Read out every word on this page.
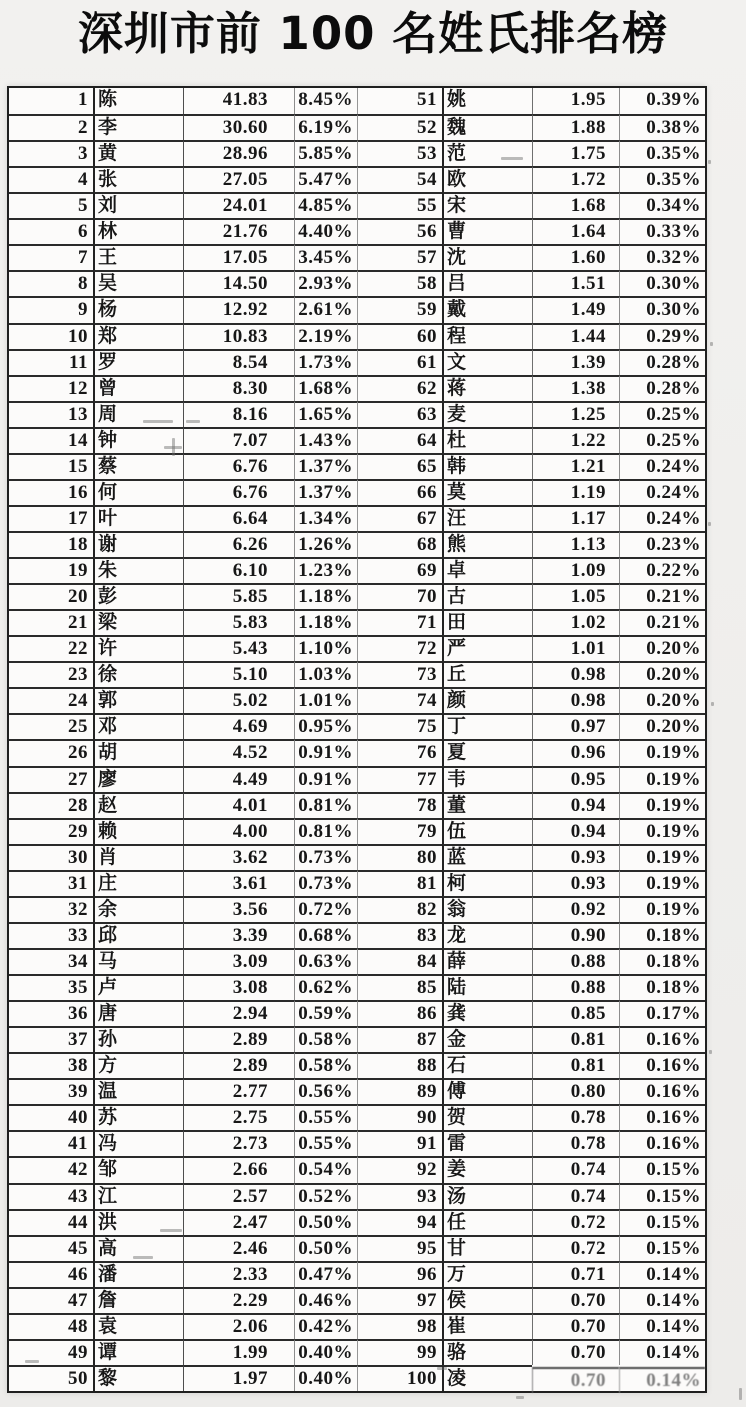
深圳市前 100 名姓氏排名榜
1 陈	41.83	8.45%	51 姚	1.95	0.39%
2 李	30.60	6.19%	52 魏	1.88	0.38%
3 黄	28.96	5.85%	53 范	1.75	0.35%
4 张	27.05	5.47%	54 欧	1.72	0.35%
5 刘	24.01	4.85%	55 宋	1.68	0.34%
6 林	21.76	4.40%	56 曹	1.64	0.33%
7 王	17.05	3.45%	57 沈	1.60	0.32%
8 吴	14.50	2.93%	58 吕	1.51	0.30%
9 杨	12.92	2.61%	59 戴	1.49	0.30%
10 郑	10.83	2.19%	60 程	1.44	0.29%
11 罗	8.54	1.73%	61 文	1.39	0.28%
12 曾	8.30	1.68%	62 蒋	1.38	0.28%
13 周	8.16	1.65%	63 麦	1.25	0.25%
14 钟	7.07	1.43%	64 杜	1.22	0.25%
15 蔡	6.76	1.37%	65 韩	1.21	0.24%
16 何	6.76	1.37%	66 莫	1.19	0.24%
17 叶	6.64	1.34%	67 汪	1.17	0.24%
18 谢	6.26	1.26%	68 熊	1.13	0.23%
19 朱	6.10	1.23%	69 卓	1.09	0.22%
20 彭	5.85	1.18%	70 古	1.05	0.21%
21 梁	5.83	1.18%	71 田	1.02	0.21%
22 许	5.43	1.10%	72 严	1.01	0.20%
23 徐	5.10	1.03%	73 丘	0.98	0.20%
24 郭	5.02	1.01%	74 颜	0.98	0.20%
25 邓	4.69	0.95%	75 丁	0.97	0.20%
26 胡	4.52	0.91%	76 夏	0.96	0.19%
27 廖	4.49	0.91%	77 韦	0.95	0.19%
28 赵	4.01	0.81%	78 董	0.94	0.19%
29 赖	4.00	0.81%	79 伍	0.94	0.19%
30 肖	3.62	0.73%	80 蓝	0.93	0.19%
31 庄	3.61	0.73%	81 柯	0.93	0.19%
32 余	3.56	0.72%	82 翁	0.92	0.19%
33 邱	3.39	0.68%	83 龙	0.90	0.18%
34 马	3.09	0.63%	84 薛	0.88	0.18%
35 卢	3.08	0.62%	85 陆	0.88	0.18%
36 唐	2.94	0.59%	86 龚	0.85	0.17%
37 孙	2.89	0.58%	87 金	0.81	0.16%
38 方	2.89	0.58%	88 石	0.81	0.16%
39 温	2.77	0.56%	89 傅	0.80	0.16%
40 苏	2.75	0.55%	90 贺	0.78	0.16%
41 冯	2.73	0.55%	91 雷	0.78	0.16%
42 邹	2.66	0.54%	92 姜	0.74	0.15%
43 江	2.57	0.52%	93 汤	0.74	0.15%
44 洪	2.47	0.50%	94 任	0.72	0.15%
45 高	2.46	0.50%	95 甘	0.72	0.15%
46 潘	2.33	0.47%	96 万	0.71	0.14%
47 詹	2.29	0.46%	97 侯	0.70	0.14%
48 袁	2.06	0.42%	98 崔	0.70	0.14%
49 谭	1.99	0.40%	99 骆	0.70	0.14%
50 黎	1.97	0.40%	100 凌	0.70	0.14%
